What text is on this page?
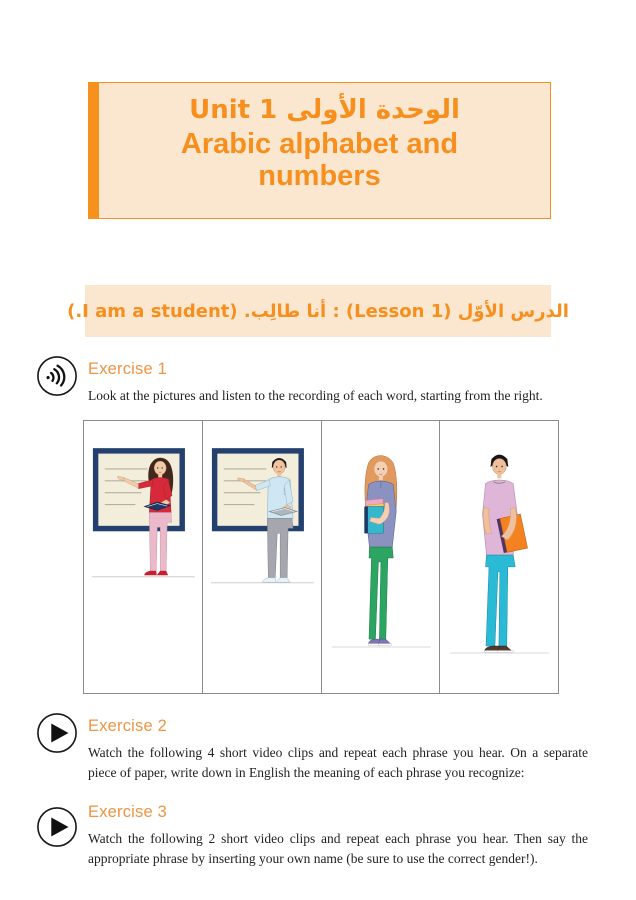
الوحدة الأولى Unit 1
Arabic alphabet and numbers
الدرس الأوّل (Lesson 1) : أنا طالِب. (I am a student.)
Exercise 1

Look at the pictures and listen to the recording of each word, starting from the right.

Exercise 2

Watch the following 4 short video clips and repeat each phrase you hear. On a separate piece of paper, write down in English the meaning of each phrase you recognize:

Exercise 3

Watch the following 2 short video clips and repeat each phrase you hear. Then say the appropriate phrase by inserting your own name (be sure to use the correct gender!).
